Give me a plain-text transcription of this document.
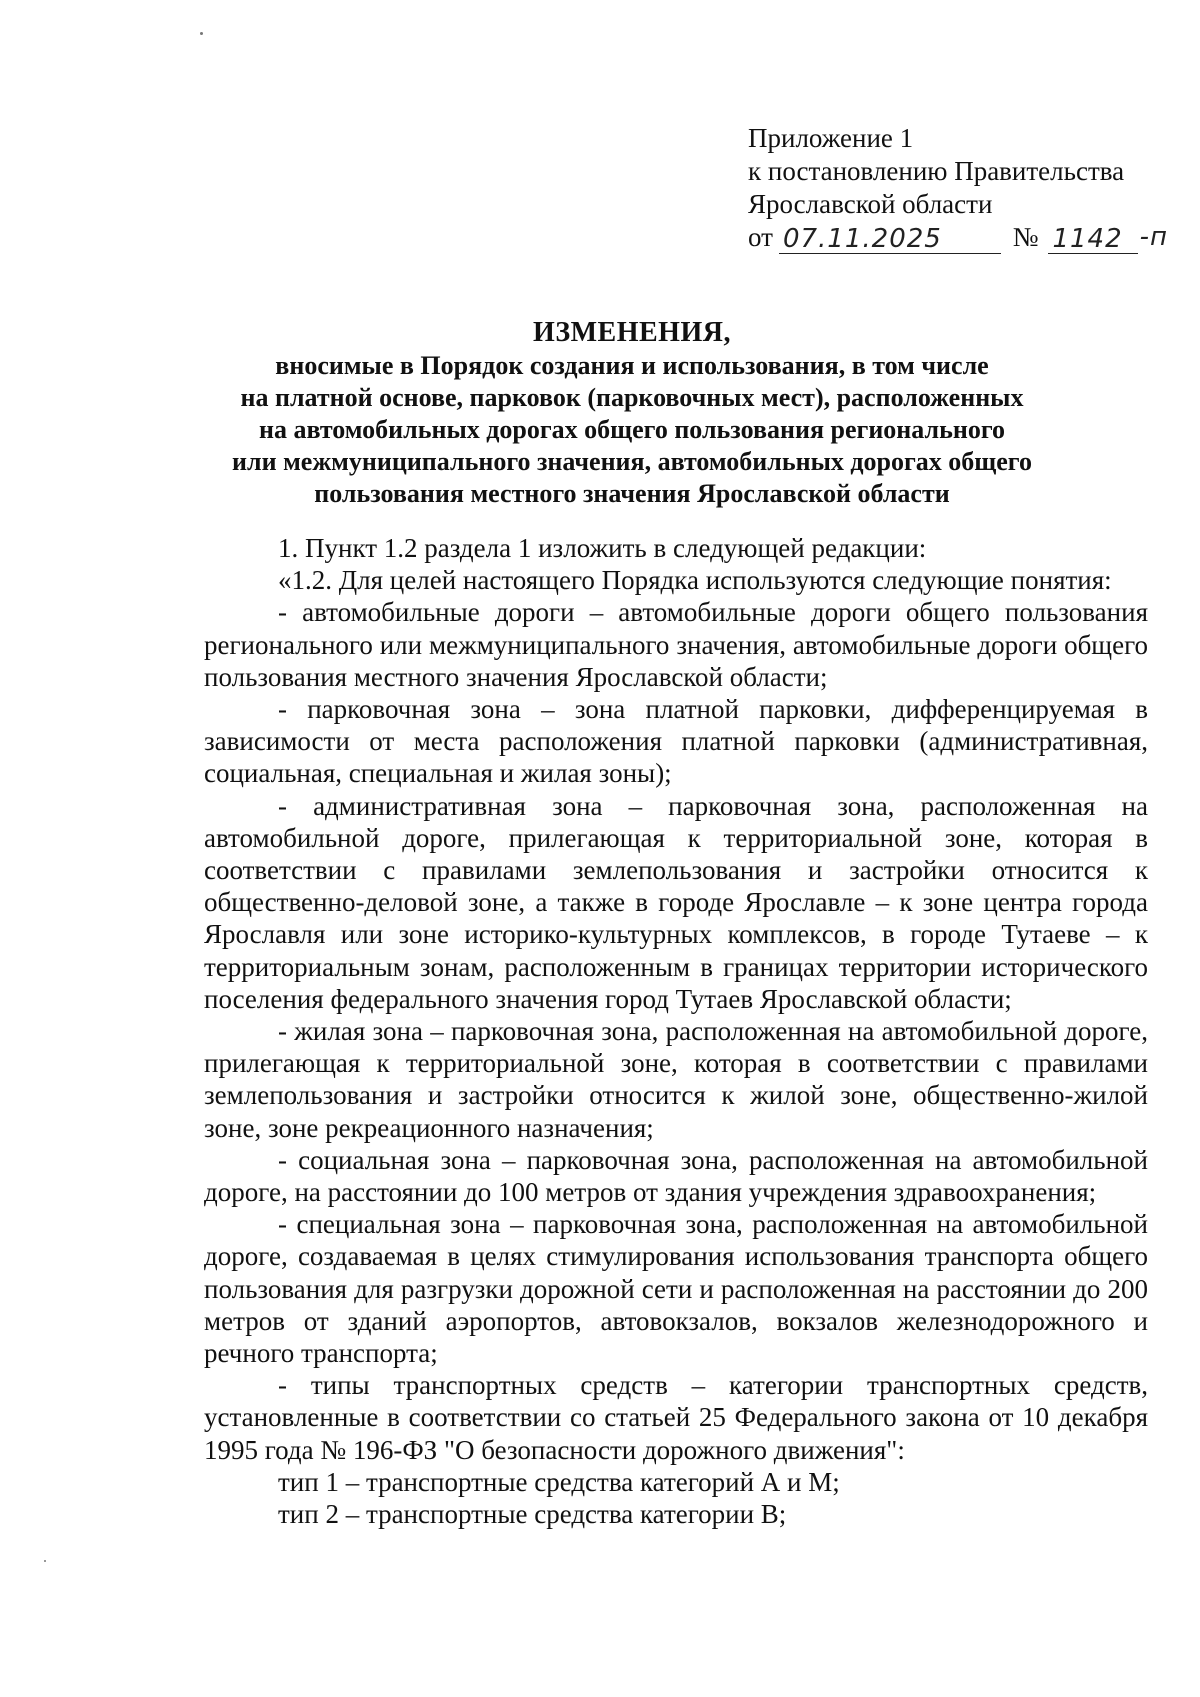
Приложение 1
к постановлению Правительства
Ярославской области
от 07.11.2025	№ 1142 -п
ИЗМЕНЕНИЯ,
вносимые в Порядок создания и использования, в том числе
на платной основе, парковок (парковочных мест), расположенных
на автомобильных дорогах общего пользования регионального
или межмуниципального значения, автомобильных дорогах общего
пользования местного значения Ярославской области

1. Пункт 1.2 раздела 1 изложить в следующей редакции:

«1.2. Для целей настоящего Порядка используются следующие понятия:

- автомобильные дороги – автомобильные дороги общего пользования регионального или межмуниципального значения, автомобильные дороги общего пользования местного значения Ярославской области;

- парковочная зона – зона платной парковки, дифференцируемая в зависимости от места расположения платной парковки (административная, социальная, специальная и жилая зоны);

- административная зона – парковочная зона, расположенная на автомобильной дороге, прилегающая к территориальной зоне, которая в соответствии с правилами землепользования и застройки относится к общественно-деловой зоне, а также в городе Ярославле – к зоне центра города Ярославля или зоне историко-культурных комплексов, в городе Тутаеве – к территориальным зонам, расположенным в границах территории исторического поселения федерального значения город Тутаев Ярославской области;

- жилая зона – парковочная зона, расположенная на автомобильной дороге, прилегающая к территориальной зоне, которая в соответствии с правилами землепользования и застройки относится к жилой зоне, общественно-жилой зоне, зоне рекреационного назначения;

- социальная зона – парковочная зона, расположенная на автомобильной дороге, на расстоянии до 100 метров от здания учреждения здравоохранения;

- специальная зона – парковочная зона, расположенная на автомобильной дороге, создаваемая в целях стимулирования использования транспорта общего пользования для разгрузки дорожной сети и расположенная на расстоянии до 200 метров от зданий аэропортов, автовокзалов, вокзалов железнодорожного и речного транспорта;

- типы транспортных средств – категории транспортных средств, установленные в соответствии со статьей 25 Федерального закона от 10 декабря 1995 года № 196-ФЗ "О безопасности дорожного движения":

тип 1 – транспортные средства категорий А и М;

тип 2 – транспортные средства категории В;
